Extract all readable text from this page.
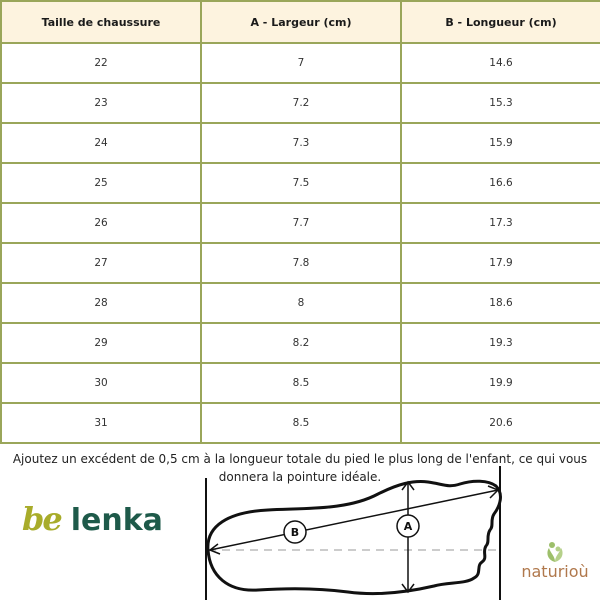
Taille de chaussure	A - Largeur (cm)	B - Longueur (cm)
22	7	14.6
23	7.2	15.3
24	7.3	15.9
25	7.5	16.6
26	7.7	17.3
27	7.8	17.9
28	8	18.6
29	8.2	19.3
30	8.5	19.9
31	8.5	20.6
Ajoutez un excédent de 0,5 cm à la longueur totale du pied le plus long de l'enfant, ce qui vous
donnera la pointure idéale.
be lenka	B	A
naturioù
